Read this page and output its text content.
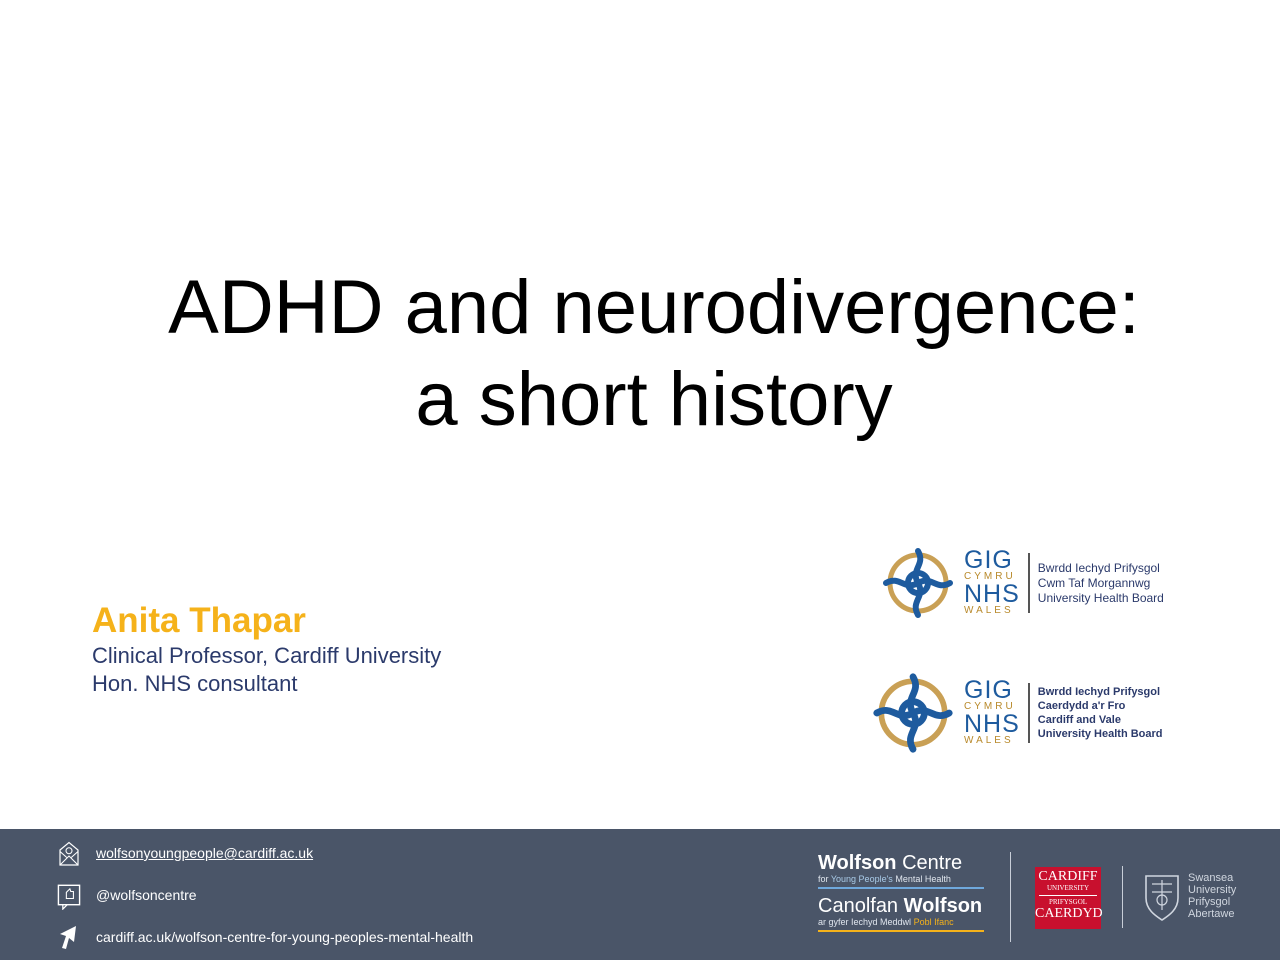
ADHD and neurodivergence:
a short history
Anita Thapar
Clinical Professor, Cardiff University
Hon. NHS consultant
GIG
CYMRU
NHS
WALES
Bwrdd Iechyd Prifysgol
Cwm Taf Morgannwg
University Health Board
GIG
CYMRU
NHS
WALES
Bwrdd Iechyd Prifysgol
Caerdydd a'r Fro
Cardiff and Vale
University Health Board
wolfsonyoungpeople@cardiff.ac.uk
@wolfsoncentre
cardiff.ac.uk/wolfson-centre-for-young-peoples-mental-health
Wolfson Centre
for Young People's Mental Health
Canolfan Wolfson
ar gyfer Iechyd Meddwl Pobl Ifanc
CARDIFF
UNIVERSITY
PRIFYSGOL
CAERDYD
Swansea
University
Prifysgol
Abertawe
